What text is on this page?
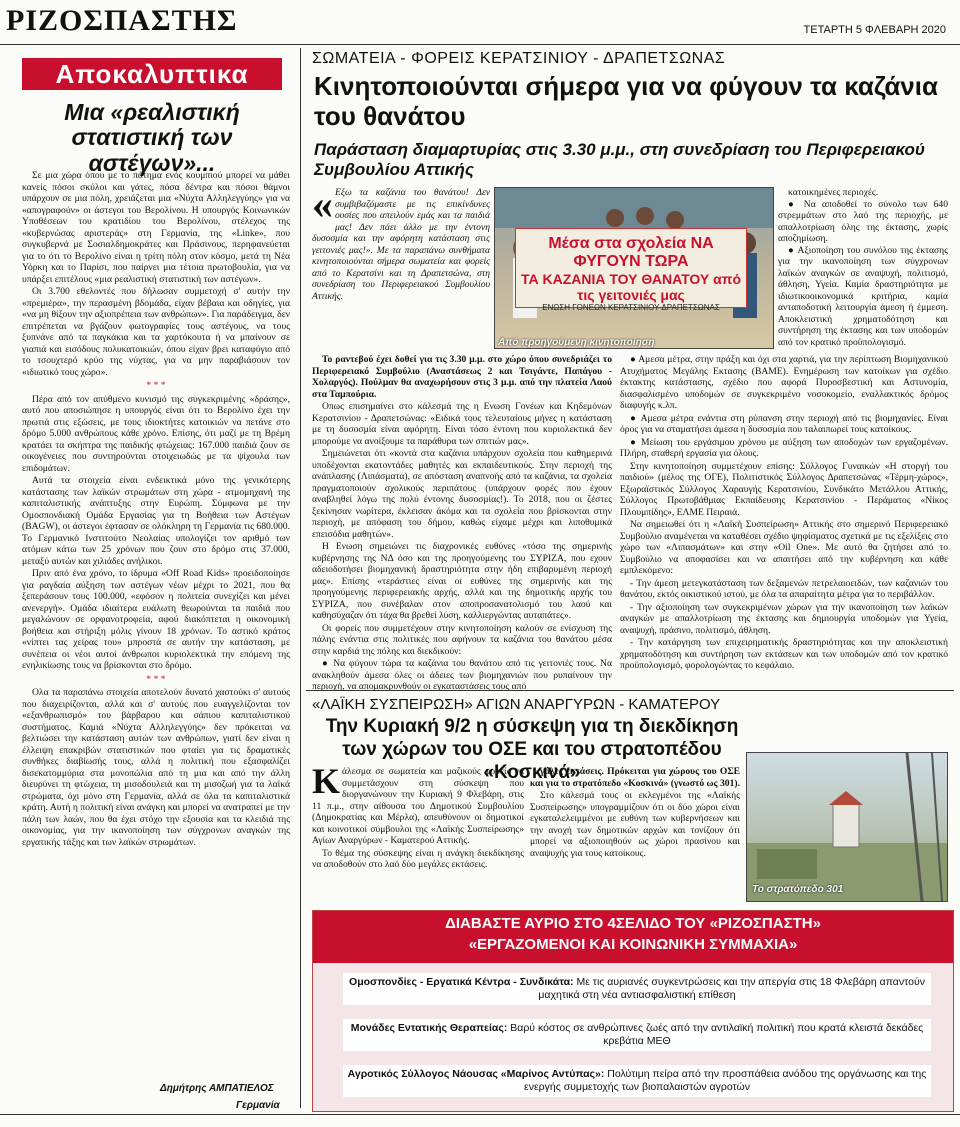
ΡΙΖΟΣΠΑΣΤΗΣ	ΤΕΤΑΡΤΗ 5 ΦΛΕΒΑΡΗ 2020
Αποκαλυπτικα
Μια «ρεαλιστική στατιστική των αστέγων»...

Σε μια χώρα όπου με το πάτημα ενός κουμπιού μπορεί να μάθει κανείς πόσοι σκύλοι και γάτες, πόσα δέντρα και πόσοι θάμνοι υπάρχουν σε μια πόλη, χρειάζεται μια «Νύχτα Αλληλεγγύης» για να «απογραφούν» οι άστεγοι του Βερολίνου. Η υπουργός Κοινωνικών Υποθέσεων του κρατιδίου του Βερολίνου, στέλεχος της «κυβερνώσας αριστεράς» στη Γερμανία, της «Linke», που συγκυβερνά με Σοσιαλδημοκράτες και Πράσινους, περηφανεύεται για το ότι το Βερολίνο είναι η τρίτη πόλη στον κόσμο, μετά τη Νέα Υόρκη και το Παρίσι, που παίρνει μια τέτοια πρωτοβουλία, για να υπάρξει επιτέλους «μια ρεαλιστική στατιστική των αστέγων».

Οι 3.700 εθελοντές που δήλωσαν συμμετοχή σ' αυτήν την «πρεμιέρα», την περασμένη βδομάδα, είχαν βέβαια και οδηγίες, για «να μη θίξουν την αξιοπρέπεια των ανθρώπων». Για παράδειγμα, δεν επιτρέπεται να βγάζουν φωτογραφίες τους αστέγους, να τους ξυπνάνε από τα παγκάκια και τα χαρτόκουτα ή να μπαίνουν σε γιαπιά και εισόδους πολυκατοικιών, όπου είχαν βρει καταφύγιο από το τσουχτερό κρύο της νύχτας, για να μην παραβιάσουν τον «ιδιωτικό τους χώρο».

* * *

Πέρα από τον απύθμενο κυνισμό της συγκεκριμένης «δράσης», αυτό που αποσιώπησε η υπουργός είναι ότι το Βερολίνο έχει την πρωτιά στις εξώσεις, με τους ιδιοκτήτες κατοικιών να πετάνε στο δρόμο 5.000 ανθρώπους κάθε χρόνο. Επίσης, ότι μαζί με τη Βρέμη κρατάει τα σκήπτρα της παιδικής φτώχειας: 167.000 παιδιά ζουν σε οικογένειες που συντηρούνται στοιχειωδώς με τα ψίχουλα των επιδομάτων.

Αυτά τα στοιχεία είναι ενδεικτικά μόνο της γενικότερης κατάστασης των λαϊκών στρωμάτων στη χώρα - ατμομηχανή της καπιταλιστικής ανάπτυξης στην Ευρώπη. Σύμφωνα με την Ομοσπονδιακή Ομάδα Εργασίας για τη Βοήθεια των Αστέγων (BAGW), οι άστεγοι έφτασαν σε ολόκληρη τη Γερμανία τις 680.000. Το Γερμανικό Ινστιτούτο Νεολαίας υπολογίζει τον αριθμό των ατόμων κάτω των 25 χρόνων που ζουν στο δρόμο στις 37.000, μεταξύ αυτών και χιλιάδες ανήλικοι.

Πριν από ένα χρόνο, το ίδρυμα «Off Road Kids» προειδοποίησε για ραγδαία αύξηση των αστέγων νέων μέχρι το 2021, που θα ξεπεράσουν τους 100.000, «εφόσον η πολιτεία συνεχίζει και μένει ανενεργή». Ομάδα ιδιαίτερα ευάλωτη θεωρούνται τα παιδιά που μεγαλώνουν σε ορφανοτροφεία, αφού διακόπτεται η οικονομική βοήθεια και στήριξη μόλις γίνουν 18 χρόνων. Το αστικό κράτος «νίπτει τας χείρας του» μπροστά σε αυτήν την κατάσταση, με συνέπεια οι νέοι αυτοί άνθρωποι κυριολεκτικά την επόμενη της ενηλικίωσης τους να βρίσκονται στο δρόμο.

* * *

Ολα τα παραπάνω στοιχεία αποτελούν δυνατό χαστούκι σ' αυτούς που διαχειρίζονται, αλλά και σ' αυτούς που ευαγγελίζονται τον «εξανθρωπισμό» του βάρβαρου και σάπιου καπιταλιστικού συστήματος. Καμιά «Νύχτα Αλληλεγγύης» δεν πρόκειται να βελτιώσει την κατάσταση αυτών των ανθρώπων, γιατί δεν είναι η έλλειψη επακριβών στατιστικών που φταίει για τις δραματικές συνθήκες διαβίωσής τους, αλλά η πολιτική που εξασφαλίζει δισεκατομμύρια στα μονοπώλια από τη μια και από την άλλη διευρύνει τη φτώχεια, τη μισοδουλειά και τη μισοζωή για τα λαϊκά στρώματα, όχι μόνο στη Γερμανία, αλλά σε όλα τα καπιταλιστικά κράτη. Αυτή η πολιτική είναι ανάγκη και μπορεί να ανατραπεί με την πάλη των λαών, που θα έχει στόχο την εξουσία και τα κλειδιά της οικονομίας, για την ικανοποίηση των σύγχρονων αναγκών της εργατικής τάξης και των λαϊκών στρωμάτων.

Δημήτρης ΑΜΠΑΤΙΕΛΟΣ
Γερμανία
ΣΩΜΑΤΕΙΑ - ΦΟΡΕΙΣ ΚΕΡΑΤΣΙΝΙΟΥ - ΔΡΑΠΕΤΣΩΝΑΣ
Κινητοποιούνται σήμερα για να φύγουν τα καζάνια του θανάτου
Παράσταση διαμαρτυρίας στις 3.30 μ.μ., στη συνεδρίαση του Περιφερειακού Συμβουλίου Αττικής
« Εξω τα καζάνια του θανάτου! Δεν συμβιβαζόμαστε με τις επικίνδυνες ουσίες που απειλούν εμάς και τα παιδιά μας! Δεν πάει άλλο με την έντονη δυσοσμία και την αφόρητη κατάσταση στις γειτονιές μας!». Με τα παραπάνω συνθήματα κινητοποιούνται σήμερα σωματεία και φορείς από το Κερατσίνι και τη Δραπετσώνα, στη συνεδρίαση του Περιφερειακού Συμβουλίου Αττικής.
Μέσα στα σχολεία ΝΑ ΦΥΓΟΥΝ ΤΩΡΑ
ΤΑ ΚΑΖΑΝΙΑ ΤΟΥ ΘΑΝΑΤΟΥ από τις γειτονιές μας
ΕΝΩΣΗ ΓΟΝΕΩΝ ΚΕΡΑΤΣΙΝΙΟΥ-ΔΡΑΠΕΤΣΩΝΑΣ
Από προηγούμενη κινητοποίηση

κατοικημένες περιοχές.

● Να αποδοθεί το σύνολο των 640 στρεμμάτων στο λαό της περιοχής, με απαλλοτρίωση όλης της έκτασης, χωρίς αποζημίωση.

● Αξιοποίηση του συνόλου της έκτασης για την ικανοποίηση των σύγχρονων λαϊκών αναγκών σε αναψυχή, πολιτισμό, άθληση, Υγεία. Καμία δραστηριότητα με ιδιωτικοοικονομικά κριτήρια, καμία ανταποδοτική λειτουργία άμεση ή έμμεση. Αποκλειστική χρηματοδότηση και συντήρηση της έκτασης και των υποδομών από τον κρατικό προϋπολογισμό.

Το ραντεβού έχει δοθεί για τις 3.30 μ.μ. στο χώρο όπου συνεδριάζει το Περιφερειακό Συμβούλιο (Αναστάσεως 2 και Τσιγάντε, Παπάγου - Χολαργός). Πούλμαν θα αναχωρήσουν στις 3 μ.μ. από την πλατεία Λαού στα Ταμπούρια.

Οπως επισημαίνει στο κάλεσμά της η Ενωση Γονέων και Κηδεμόνων Κερατσινίου - Δραπετσώνας: «Ειδικά τους τελευταίους μήνες η κατάσταση με τη δυσοσμία είναι αφόρητη. Είναι τόσο έντονη που κυριολεκτικά δεν μπορούμε να ανοίξουμε τα παράθυρα των σπιτιών μας».

Σημειώνεται ότι «κοντά στα καζάνια υπάρχουν σχολεία που καθημερινά υποδέχονται εκατοντάδες μαθητές και εκπαιδευτικούς. Στην περιοχή της ανάπλασης (Λιπάσματα), σε απόσταση αναπνοής από τα καζάνια, τα σχολεία πραγματοποιούν σχολικούς περιπάτους (υπάρχουν φορές που έχουν αναβληθεί λόγω της πολύ έντονης δυσοσμίας!). Το 2018, που οι ζέστες ξεκίνησαν νωρίτερα, έκλεισαν άκόμα και τα σχολεία που βρίσκονται στην περιοχή, με απόφαση του δήμου, καθώς είχαμε μέχρι και λιποθυμικά επεισόδια μαθητών».

Η Ενωση σημειώνει τις διαχρονικές ευθύνες «τόσο της σημερινής κυβέρνησης της ΝΔ όσο και της προηγούμενης του ΣΥΡΙΖΑ, που εχουν αδειοδοτήσει βιομηχανική δραστηριότητα στην ήδη επιβαρυμένη περιοχή μας». Επίσης «τεράστιες είναι οι ευθύνες της σημερινής και της προηγούμενης περιφερειακής αρχής, αλλά και της δημοτικής αρχής του ΣΥΡΙΖΑ, που συνέβαλαν στον αποπροσανατολισμό του λαού και καθησύχαζαν ότι τάχα θα βρεθεί λύση, καλλιεργώντας αυταπάτες».

Οι φορείς που συμμετέχουν στην κινητοποίηση καλούν σε ενίσχυση της πάλης ενάντια στις πολιτικές που αφήνουν τα καζάνια του θανάτου μέσα στην καρδιά της πόλης και διεκδικούν:

● Να φύγουν τώρα τα καζάνια του θανάτου από τις γειτονιές τους. Να ανακληθούν άμεσα όλες οι άδειες των βιομηχανιών που ρυπαίνουν την περιοχή, να απομακρυνθούν οι εγκαταστάσεις τους από

● Αμεσα μέτρα, στην πράξη και όχι στα χαρτιά, για την περίπτωση Βιομηχανικού Ατυχήματος Μεγάλης Εκτασης (ΒΑΜΕ). Ενημέρωση των κατοίκων για σχέδιο έκτακτης κατάστασης, σχέδιο που αφορά Πυροσβεστική και Αστυνομία, διασφαλισμένο υποδομών σε συγκεκριμένο νοσοκομείο, εναλλακτικός δρόμος διαφυγής κ.λπ.

● Αμεσα μέτρα ενάντια στη ρύπανση στην περιοχή από τις βιομηχανίες. Είναι όρος για να σταματήσει άμεσα η δυσοσμία που ταλαιπωρεί τους κατοίκους.

● Μείωση του εργάσιμου χρόνου με αύξηση των αποδοχών των εργαζομένων. Πλήρη, σταθερή εργασία για όλους.

Στην κινητοποίηση συμμετέχουν επίσης: Σύλλογος Γυναικών «Η στοργή του παιδιού» (μέλος της ΟΓΕ), Πολιτιστικός Σύλλογος Δραπετσώνας «Τέρμη-χώρος», Εξωραϊστικός Σύλλογος Χαραυγής Κερατσινίου, Συνδικάτο Μετάλλου Αττικής, Σύλλογος Πρωτοβάθμιας Εκπαίδευσης Κερατσινίου - Περάματος «Νίκος Πλουμπίδης», ΕΛΜΕ Πειραιά.

Να σημειωθεί ότι η «Λαϊκή Συσπείρωση» Αττικής στο σημερινό Περιφερειακό Συμβούλιο αναμένεται να καταθέσει σχέδιο ψηφίσματος σχετικά με τις εξελίξεις στο χώρο των «Λιπασμάτων» και στην «Oil One». Με αυτό θα ζητήσει από το Συμβούλιο να αποφασίσει και να απαιτήσει από την κυβέρνηση και κάθε εμπλεκόμενο:

- Την άμεση μετεγκατάσταση των δεξαμενών πετρελαιοειδών, των καζανιών του θανάτου, εκτός οικιστικού ιστού, με όλα τα απαραίτητα μέτρα για το περιβάλλον.

- Την αξιοποίηση των συγκεκριμένων χώρων για την ικανοποίηση των λαϊκών αναγκών με απαλλοτρίωση της έκτασης και δημιουργία υποδομών για Υγεία, αναψυχή, πράσινο, πολιτισμό, άθληση.

- Την κατάργηση των επιχειρηματικής δραστηριότητας και την αποκλειστική χρηματοδότηση και συντήρηση των εκτάσεων και των υποδομών από τον κρατικό προϋπολογισμό, φορολογώντας το κεφάλαιο.

«ΛΑΪΚΗ ΣΥΣΠΕΙΡΩΣΗ» ΑΓΙΩΝ ΑΝΑΡΓΥΡΩΝ - ΚΑΜΑΤΕΡΟΥ
Την Κυριακή 9/2 η σύσκεψη για τη διεκδίκηση των χώρων του ΟΣΕ και του στρατοπέδου «Κοσκινά»

Κάλεσμα σε σωματεία και μαζικούς φορείς να συμμετάσχουν στη σύσκεψη που διοργανώνουν την Κυριακή 9 Φλεβάρη, στις 11 π.μ., στην αίθουσα του Δημοτικού Συμβουλίου (Δημοκρατίας και Μέρλα), απευθύνουν οι δημοτικοί και κοινοτικοί σύμβουλοι της «Λαϊκής Συσπείρωσης» Αγίων Αναργύρων - Καματερού Αττικής.

Το θέμα της σύσκεψης είναι η ανάγκη διεκδίκησης να αποδοθούν στο λαό δύο μεγάλες εκτάσεις.

γάλες εκτάσεις. Πρόκειται για χώρους του ΟΣΕ και για το στρατόπεδο «Κοσκινά» (γνωστό ως 301).

Στο κάλεσμά τους οι εκλεγμένοι της «Λαϊκής Συσπείρωσης» υπογραμμίζουν ότι οι δύο χώροι είναι εγκαταλελειμμένοι με ευθύνη των κυβερνήσεων και την ανοχή των δημοτικών αρχών και τονίζουν ότι μπορεί να αξιοποιηθούν ως χώροι πρασίνου και αναψυχής για τους κατοίκους.

Το στρατόπεδο 301
ΔΙΑΒΑΣΤΕ ΑΥΡΙΟ ΣΤΟ 4ΣΕΛΙΔΟ ΤΟΥ «ΡΙΖΟΣΠΑΣΤΗ»
«ΕΡΓΑΖΟΜΕΝΟΙ ΚΑΙ ΚΟΙΝΩΝΙΚΗ ΣΥΜΜΑΧΙΑ»
Ομοσπονδίες - Εργατικά Κέντρα - Συνδικάτα: Με τις αυριανές συγκεντρώσεις και την απεργία στις 18 Φλεβάρη απαντούν μαχητικά στη νέα αντιασφαλιστική επίθεση
Μονάδες Εντατικής Θεραπείας: Βαρύ κόστος σε ανθρώπινες ζωές από την αντιλαϊκή πολιτική που κρατά κλειστά δεκάδες κρεβάτια ΜΕΘ
Αγροτικός Σύλλογος Νάουσας «Μαρίνος Αντύπας»: Πολύτιμη πείρα από την προσπάθεια ανόδου της οργάνωσης και της ενεργής συμμετοχής των βιοπαλαιστών αγροτών
